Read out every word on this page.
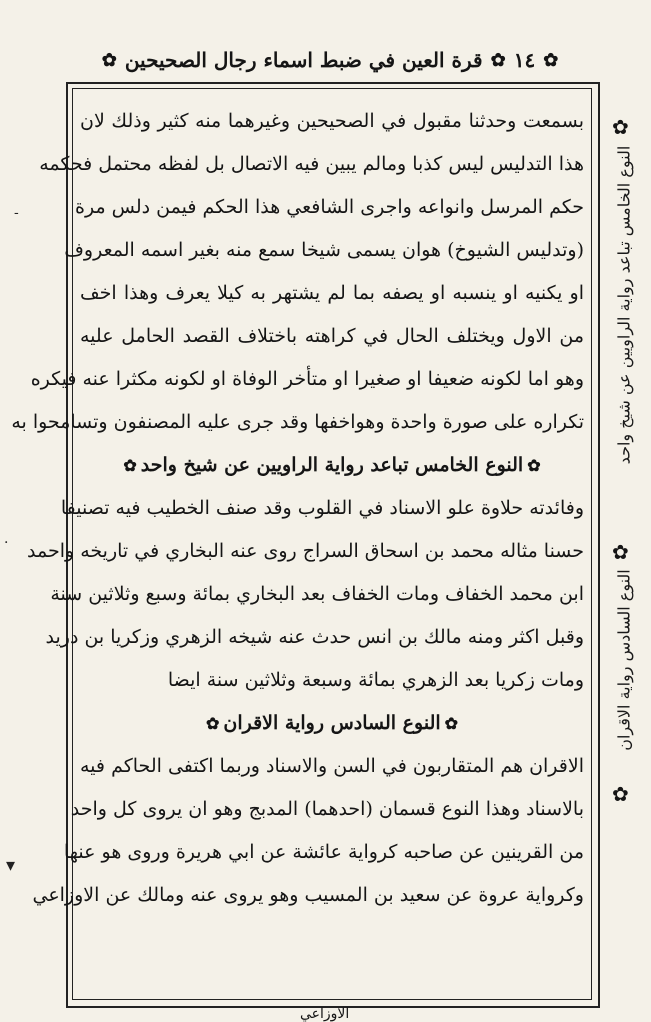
✿
١٤
✿
قرة العين في ضبط اسماء رجال الصحيحين
✿
بسمعت وحدثنا مقبول في الصحيحين وغيرهما منه كثير وذلك لان
هذا التدليس ليس كذبا ومالم يبين فيه الاتصال بل لفظه محتمل فحكمه
حكم المرسل وانواعه واجرى الشافعي هذا الحكم فيمن دلس مرة
(وتدليس الشيوخ) هوان يسمى شيخا سمع منه بغير اسمه المعروف
او يكنيه او ينسبه او يصفه بما لم يشتهر به كيلا يعرف وهذا اخف
من الاول ويختلف الحال في كراهته باختلاف القصد الحامل عليه
وهو اما لكونه ضعيفا او صغيرا او متأخر الوفاة او لكونه مكثرا عنه فيكره
تكراره على صورة واحدة وهواخفها وقد جرى عليه المصنفون وتسامحوا به
✿النوع الخامس تباعد رواية الراويين عن شيخ واحد✿
وفائدته حلاوة علو الاسناد في القلوب وقد صنف الخطيب فيه تصنيفا
حسنا مثاله محمد بن اسحاق السراج روى عنه البخاري في تاريخه واحمد
ابن محمد الخفاف ومات الخفاف بعد البخاري بمائة وسبع وثلاثين سنة
وقبل اكثر ومنه مالك بن انس حدث عنه شيخه الزهري وزكريا بن دريد
ومات زكريا بعد الزهري بمائة وسبعة وثلاثين سنة ايضا
✿النوع السادس رواية الاقران✿
الاقران هم المتقاربون في السن والاسناد وربما اكتفى الحاكم فيه
بالاسناد وهذا النوع قسمان (احدهما) المدبج وهو ان يروى كل واحد
من القرينين عن صاحبه كرواية عائشة عن ابي هريرة وروى هو عنها
وكرواية عروة عن سعيد بن المسيب وهو يروى عنه ومالك عن الاوزاعي
✿
النوع الخامس تباعد رواية الراويين عن شيخ واحد
✿
النوع السادس رواية الاقران
✿
‐
·
▾
الاوزاعي
